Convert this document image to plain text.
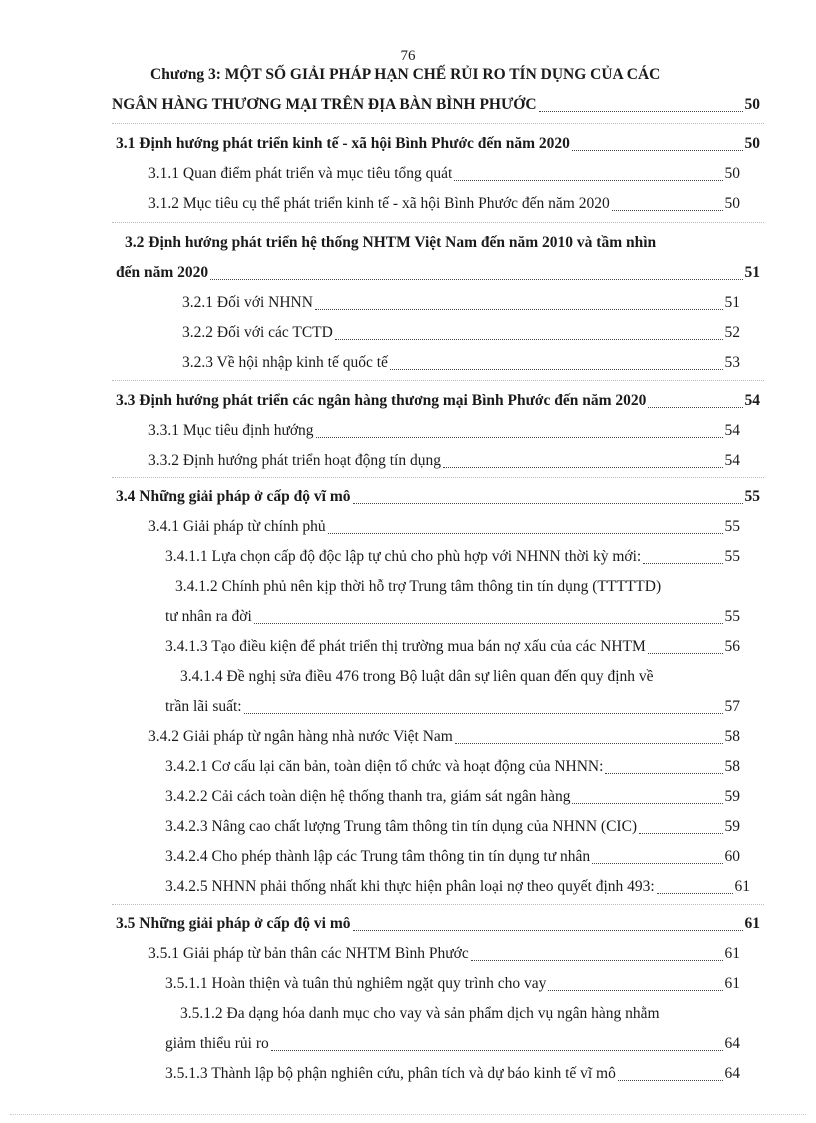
76
Chương 3: MỘT SỐ GIẢI PHÁP HẠN CHẾ RỦI RO TÍN DỤNG CỦA CÁC
NGÂN HÀNG THƯƠNG MẠI TRÊN ĐỊA BÀN BÌNH PHƯỚC	50
3.1 Định hướng phát triển kinh tế - xã hội Bình Phước đến năm 2020	50
3.1.1 Quan điểm phát triển và mục tiêu tổng quát	50
3.1.2 Mục tiêu cụ thể phát triển kinh tế - xã hội Bình Phước đến năm 2020	50
3.2 Định hướng phát triển hệ thống NHTM Việt Nam đến năm 2010 và tầm nhìn
đến năm 2020	51
3.2.1 Đối với NHNN	51
3.2.2 Đối với các TCTD	52
3.2.3 Về hội nhập kinh tế quốc tế	53
3.3 Định hướng phát triển các ngân hàng thương mại Bình Phước đến năm 2020	54
3.3.1 Mục tiêu định hướng	54
3.3.2 Định hướng phát triển hoạt động tín dụng	54
3.4 Những giải pháp ở cấp độ vĩ mô	55
3.4.1 Giải pháp từ chính phủ	55
3.4.1.1 Lựa chọn cấp độ độc lập tự chủ cho phù hợp với NHNN thời kỳ mới:	55
3.4.1.2 Chính phủ nên kịp thời hỗ trợ Trung tâm thông tin tín dụng (TTTTTD)
tư nhân ra đời	55
3.4.1.3 Tạo điều kiện để phát triển thị trường mua bán nợ xấu của các NHTM	56
3.4.1.4 Đề nghị sửa điều 476 trong Bộ luật dân sự liên quan đến quy định về
trần lãi suất:	57
3.4.2 Giải pháp từ ngân hàng nhà nước Việt Nam	58
3.4.2.1 Cơ cấu lại căn bản, toàn diện tổ chức và hoạt động của NHNN:	58
3.4.2.2 Cải cách toàn diện hệ thống thanh tra, giám sát ngân hàng	59
3.4.2.3 Nâng cao chất lượng Trung tâm thông tin tín dụng của NHNN (CIC)	59
3.4.2.4 Cho phép thành lập các Trung tâm thông tin tín dụng tư nhân	60
3.4.2.5 NHNN phải thống nhất khi thực hiện phân loại nợ theo quyết định 493:	61
3.5 Những giải pháp ở cấp độ vi mô	61
3.5.1 Giải pháp từ bản thân các NHTM Bình Phước	61
3.5.1.1 Hoàn thiện và tuân thủ nghiêm ngặt quy trình cho vay	61
3.5.1.2 Đa dạng hóa danh mục cho vay và sản phẩm dịch vụ ngân hàng nhằm
giảm thiểu rủi ro	64
3.5.1.3 Thành lập bộ phận nghiên cứu, phân tích và dự báo kinh tế vĩ mô	64
